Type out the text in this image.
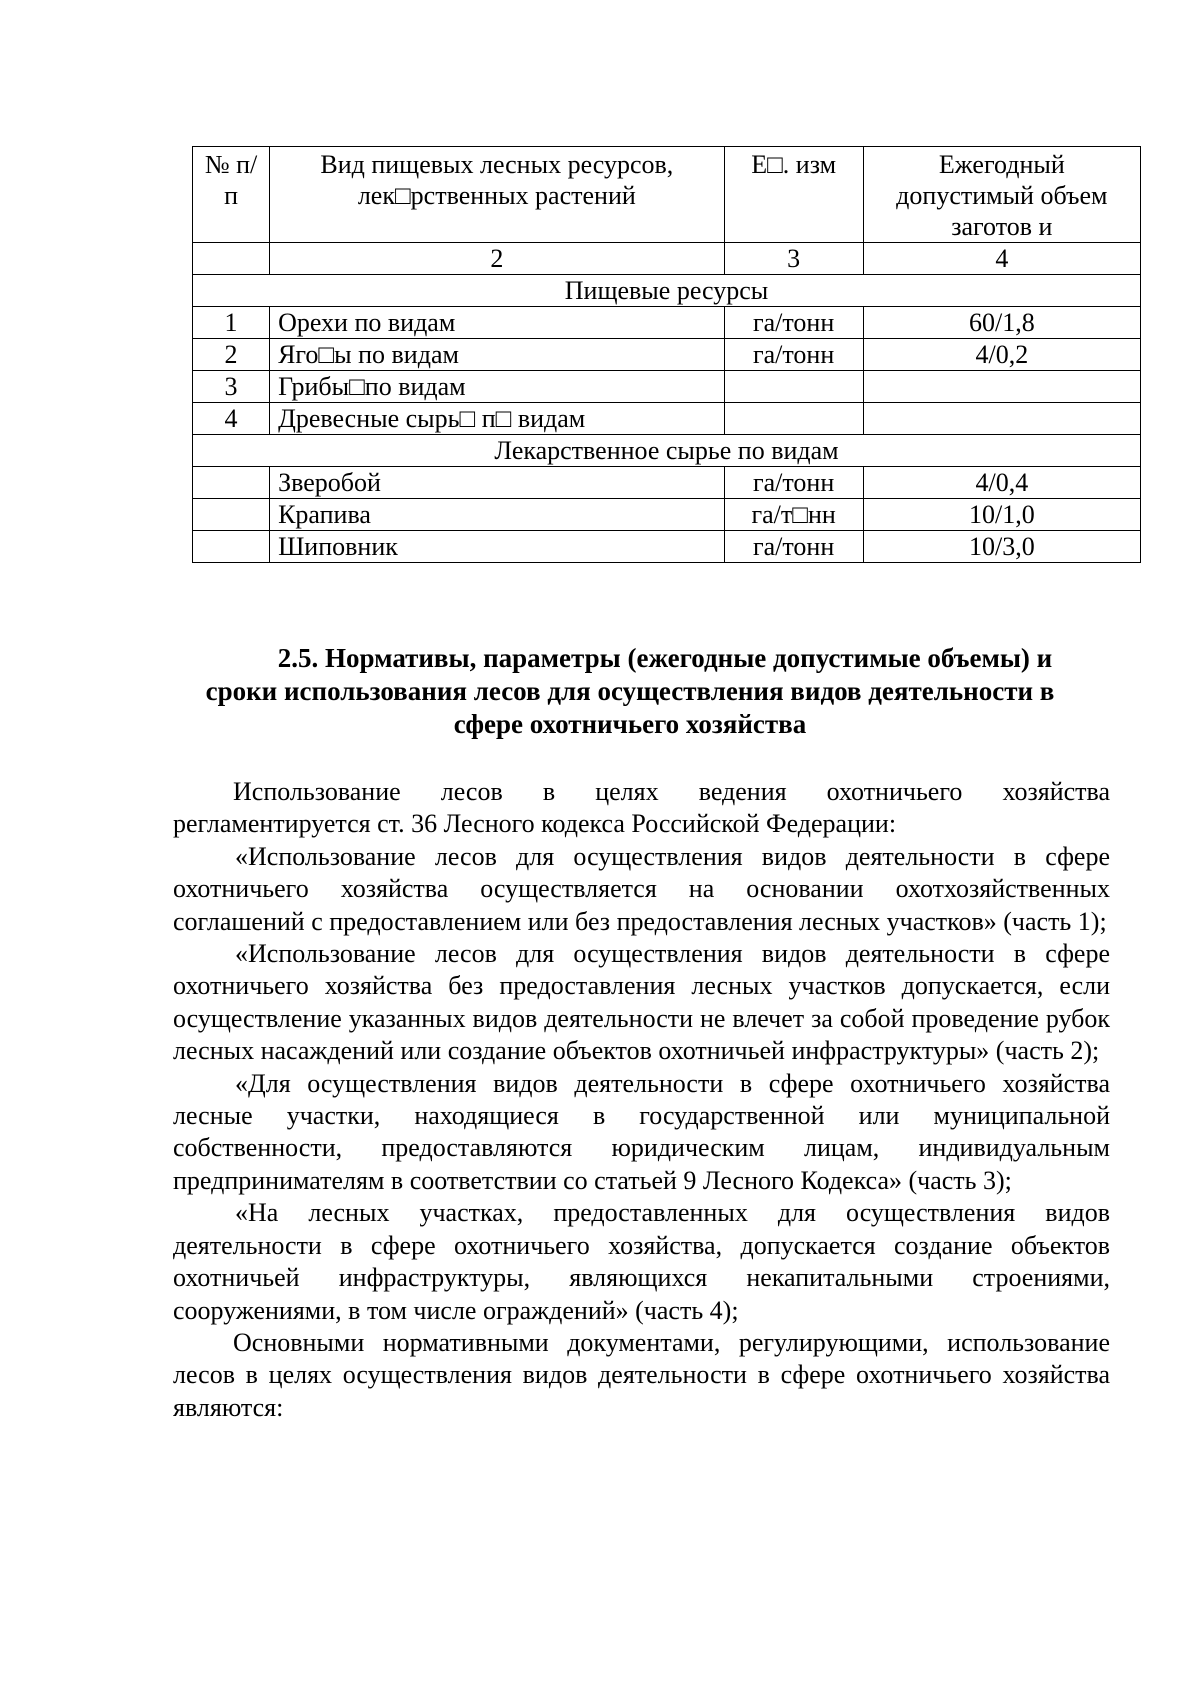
№ п/п	Вид пищевых лесных ресурсов, лек□рственных растений	Е□. изм	Ежегодный допустимый объем заготов и
	2	3	4
Пищевые ресурсы			
1	Орехи по видам	га/тонн	60/1,8
2	Яго□ы по видам	га/тонн	4/0,2
3	Грибы□по видам		
4	Древесные сырь□ п□ видам		
Лекарственное сырье по видам			
	Зверобой	га/тонн	4/0,4
	Крапива	га/т□нн	10/1,0
	Шиповник	га/тонн	10/3,0
2.5. Нормативы, параметры (ежегодные допустимые объемы) и
сроки использования лесов для осуществления видов деятельности в
сфере охотничьего хозяйства

Использование лесов в целях ведения охотничьего хозяйства регламентируется ст. 36 Лесного кодекса Российской Федерации:

«Использование лесов для осуществления видов деятельности в сфере охотничьего хозяйства осуществляется на основании охотхозяйственных соглашений с предоставлением или без предоставления лесных участков» (часть 1);

«Использование лесов для осуществления видов деятельности в сфере охотничьего хозяйства без предоставления лесных участков допускается, если осуществление указанных видов деятельности не влечет за собой проведение рубок лесных насаждений или создание объектов охотничьей инфраструктуры» (часть 2);

«Для осуществления видов деятельности в сфере охотничьего хозяйства лесные участки, находящиеся в государственной или муниципальной собственности, предоставляются юридическим лицам, индивидуальным предпринимателям в соответствии со статьей 9 Лесного Кодекса» (часть 3);

«На лесных участках, предоставленных для осуществления видов деятельности в сфере охотничьего хозяйства, допускается создание объектов охотничьей инфраструктуры, являющихся некапитальными строениями, сооружениями, в том числе ограждений» (часть 4);

Основными нормативными документами, регулирующими, использование лесов в целях осуществления видов деятельности в сфере охотничьего хозяйства являются:
